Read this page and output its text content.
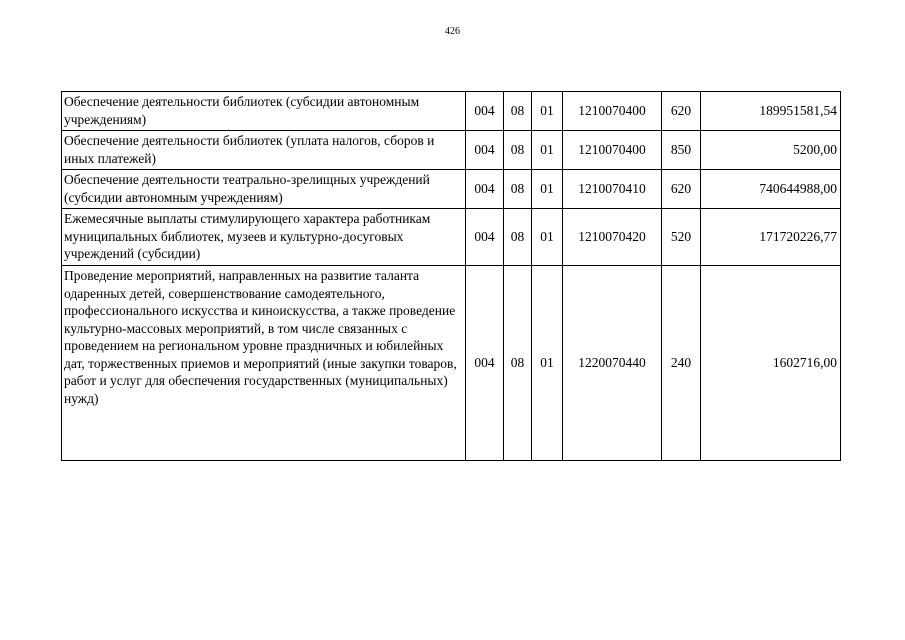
426
Обеспечение деятельности библиотек (субсидии автономным учреждениям)	004	08	01	1210070400	620	189951581,54
Обеспечение деятельности библиотек (уплата налогов, сборов и иных платежей)	004	08	01	1210070400	850	5200,00
Обеспечение деятельности театрально-зрелищных учреждений (субсидии автономным учреждениям)	004	08	01	1210070410	620	740644988,00
Ежемесячные выплаты стимулирующего характера работникам муниципальных библиотек, музеев и культурно-досуговых учреждений (субсидии)	004	08	01	1210070420	520	171720226,77
Проведение мероприятий, направленных на развитие таланта одаренных детей, совершенствование самодеятельного, профессионального искусства и киноискусства, а также проведение культурно-массовых мероприятий, в том числе связанных с проведением на региональном уровне праздничных и юбилейных дат, торжественных приемов и мероприятий (иные закупки товаров, работ и услуг для обеспечения государственных (муниципальных) нужд)	004	08	01	1220070440	240	1602716,00
